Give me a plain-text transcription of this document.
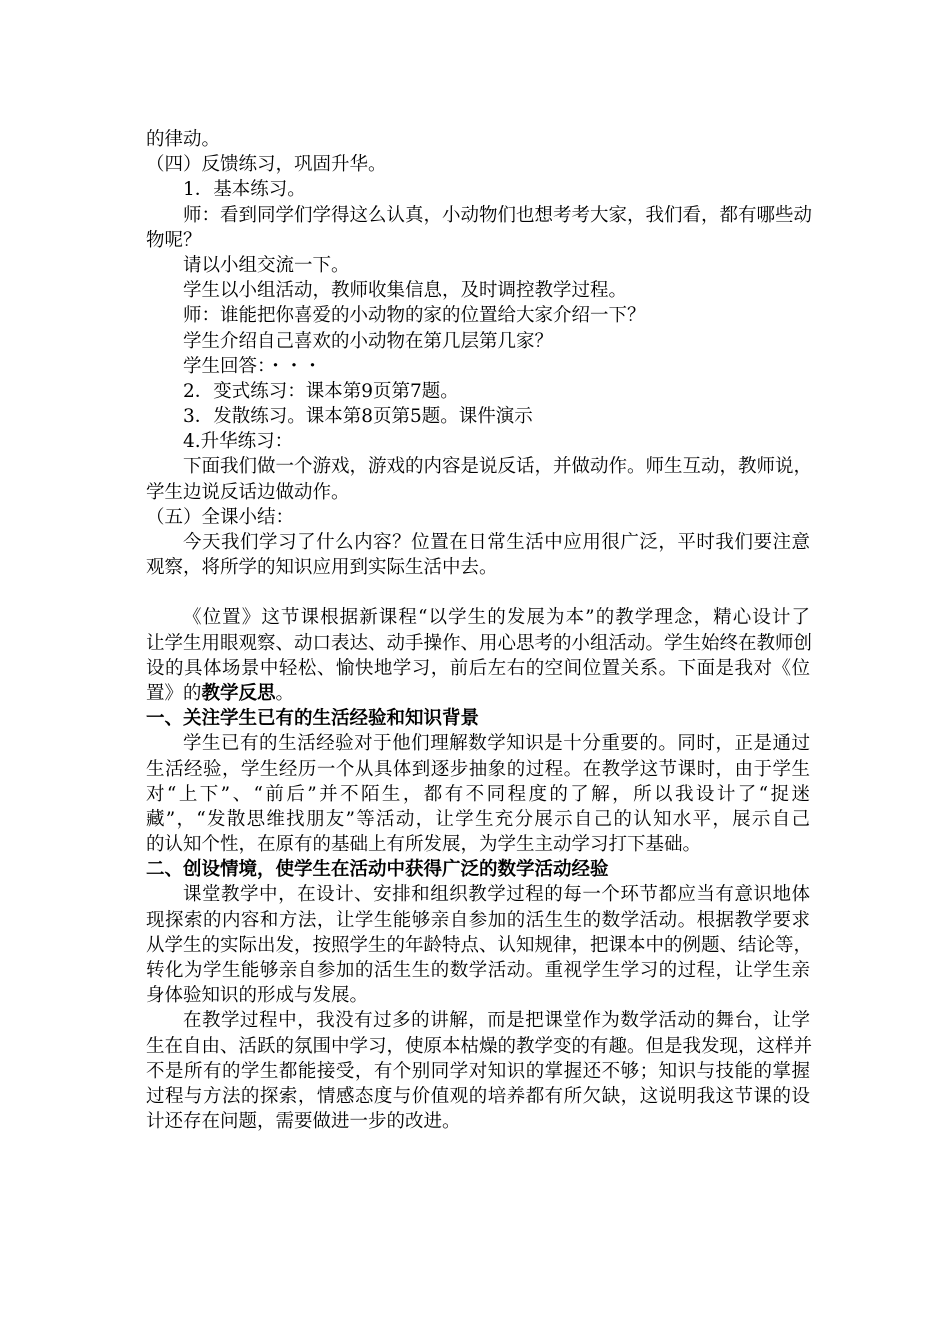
的律动。
（四）反馈练习，巩固升华。
1．基本练习。
师：看到同学们学得这么认真，小动物们也想考考大家，我们看，都有哪些动
物呢？
请以小组交流一下。
学生以小组活动，教师收集信息，及时调控教学过程。
师：谁能把你喜爱的小动物的家的位置给大家介绍一下？
学生介绍自己喜欢的小动物在第几层第几家？
学生回答：・・・
2．变式练习：课本第9页第7题。
3．发散练习。课本第8页第5题。课件演示
4.升华练习：
下面我们做一个游戏，游戏的内容是说反话，并做动作。师生互动，教师说，
学生边说反话边做动作。
（五）全课小结：
今天我们学习了什么内容？位置在日常生活中应用很广泛，平时我们要注意
观察，将所学的知识应用到实际生活中去。
《位置》这节课根据新课程“以学生的发展为本”的教学理念，精心设计了
让学生用眼观察、动口表达、动手操作、用心思考的小组活动。学生始终在教师创
设的具体场景中轻松、愉快地学习，前后左右的空间位置关系。下面是我对《位
置》的教学反思。
一、关注学生已有的生活经验和知识背景
学生已有的生活经验对于他们理解数学知识是十分重要的。同时，正是通过
生活经验，学生经历一个从具体到逐步抽象的过程。在教学这节课时，由于学生
对“上下”、“前后”并不陌生，都有不同程度的了解，所以我设计了“捉迷
藏”，“发散思维找朋友”等活动，让学生充分展示自己的认知水平，展示自己
的认知个性，在原有的基础上有所发展，为学生主动学习打下基础。
二、创设情境，使学生在活动中获得广泛的数学活动经验
课堂教学中，在设计、安排和组织教学过程的每一个环节都应当有意识地体
现探索的内容和方法，让学生能够亲自参加的活生生的数学活动。根据教学要求
从学生的实际出发，按照学生的年龄特点、认知规律，把课本中的例题、结论等，
转化为学生能够亲自参加的活生生的数学活动。重视学生学习的过程，让学生亲
身体验知识的形成与发展。
在教学过程中，我没有过多的讲解，而是把课堂作为数学活动的舞台，让学
生在自由、活跃的氛围中学习，使原本枯燥的教学变的有趣。但是我发现，这样并
不是所有的学生都能接受，有个别同学对知识的掌握还不够；知识与技能的掌握
过程与方法的探索，情感态度与价值观的培养都有所欠缺，这说明我这节课的设
计还存在问题，需要做进一步的改进。
